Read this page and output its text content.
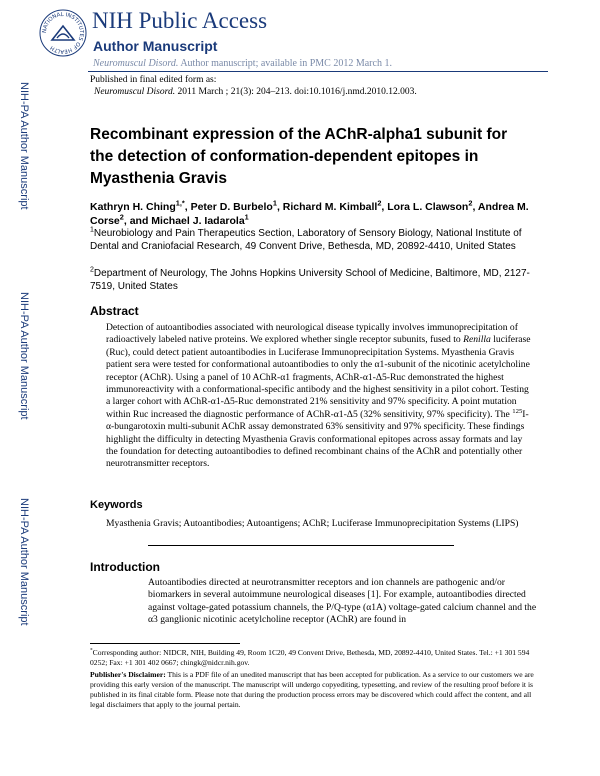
NIH-PA Author Manuscript
NIH-PA Author Manuscript
NIH-PA Author Manuscript
NATIONAL INSTITUTES OF HEALTH
NIH Public Access
Author Manuscript
Neuromuscul Disord. Author manuscript; available in PMC 2012 March 1.
Published in final edited form as:
Neuromuscul Disord. 2011 March ; 21(3): 204–213. doi:10.1016/j.nmd.2010.12.003.
Recombinant expression of the AChR-alpha1 subunit for the detection of conformation-dependent epitopes in Myasthenia Gravis
Kathryn H. Ching$^{1,*}$, Peter D. Burbelo$^1$, Richard M. Kimball$^2$, Lora L. Clawson$^2$, Andrea M. Corse$^2$, and Michael J. Iadarola$^1$
$^1$Neurobiology and Pain Therapeutics Section, Laboratory of Sensory Biology, National Institute of Dental and Craniofacial Research, 49 Convent Drive, Bethesda, MD, 20892-4410, United States
$^2$Department of Neurology, The Johns Hopkins University School of Medicine, Baltimore, MD, 2127-7519, United States
Abstract
Detection of autoantibodies associated with neurological disease typically involves immunoprecipitation of radioactively labeled native proteins. We explored whether single receptor subunits, fused to Renilla luciferase (Ruc), could detect patient autoantibodies in Luciferase Immunoprecipitation Systems. Myasthenia Gravis patient sera were tested for conformational autoantibodies to only the α1-subunit of the nicotinic acetylcholine receptor (AChR). Using a panel of 10 AChR-α1 fragments, AChR-α1-Δ5-Ruc demonstrated the highest immunoreactivity with a conformational-specific antibody and the highest sensitivity in a pilot cohort. Testing a larger cohort with AChR-α1-Δ5-Ruc demonstrated 21% sensitivity and 97% specificity. A point mutation within Ruc increased the diagnostic performance of AChR-α1-Δ5 (32% sensitivity, 97% specificity). The $^{125}$I-α-bungarotoxin multi-subunit AChR assay demonstrated 63% sensitivity and 97% specificity. These findings highlight the difficulty in detecting Myasthenia Gravis conformational epitopes across assay formats and lay the foundation for detecting autoantibodies to defined recombinant chains of the AChR and potentially other neurotransmitter receptors.
Keywords
Myasthenia Gravis; Autoantibodies; Autoantigens; AChR; Luciferase Immunoprecipitation Systems (LIPS)
Introduction
Autoantibodies directed at neurotransmitter receptors and ion channels are pathogenic and/or biomarkers in several autoimmune neurological diseases [1]. For example, autoantibodies directed against voltage-gated potassium channels, the P/Q-type (α1A) voltage-gated calcium channel and the α3 ganglionic nicotinic acetylcholine receptor (AChR) are found in
*Corresponding author: NIDCR, NIH, Building 49, Room 1C20, 49 Convent Drive, Bethesda, MD, 20892-4410, United States. Tel.: +1 301 594 0252; Fax: +1 301 402 0667; chingk@nidcr.nih.gov.
Publisher's Disclaimer: This is a PDF file of an unedited manuscript that has been accepted for publication. As a service to our customers we are providing this early version of the manuscript. The manuscript will undergo copyediting, typesetting, and review of the resulting proof before it is published in its final citable form. Please note that during the production process errors may be discovered which could affect the content, and all legal disclaimers that apply to the journal pertain.
